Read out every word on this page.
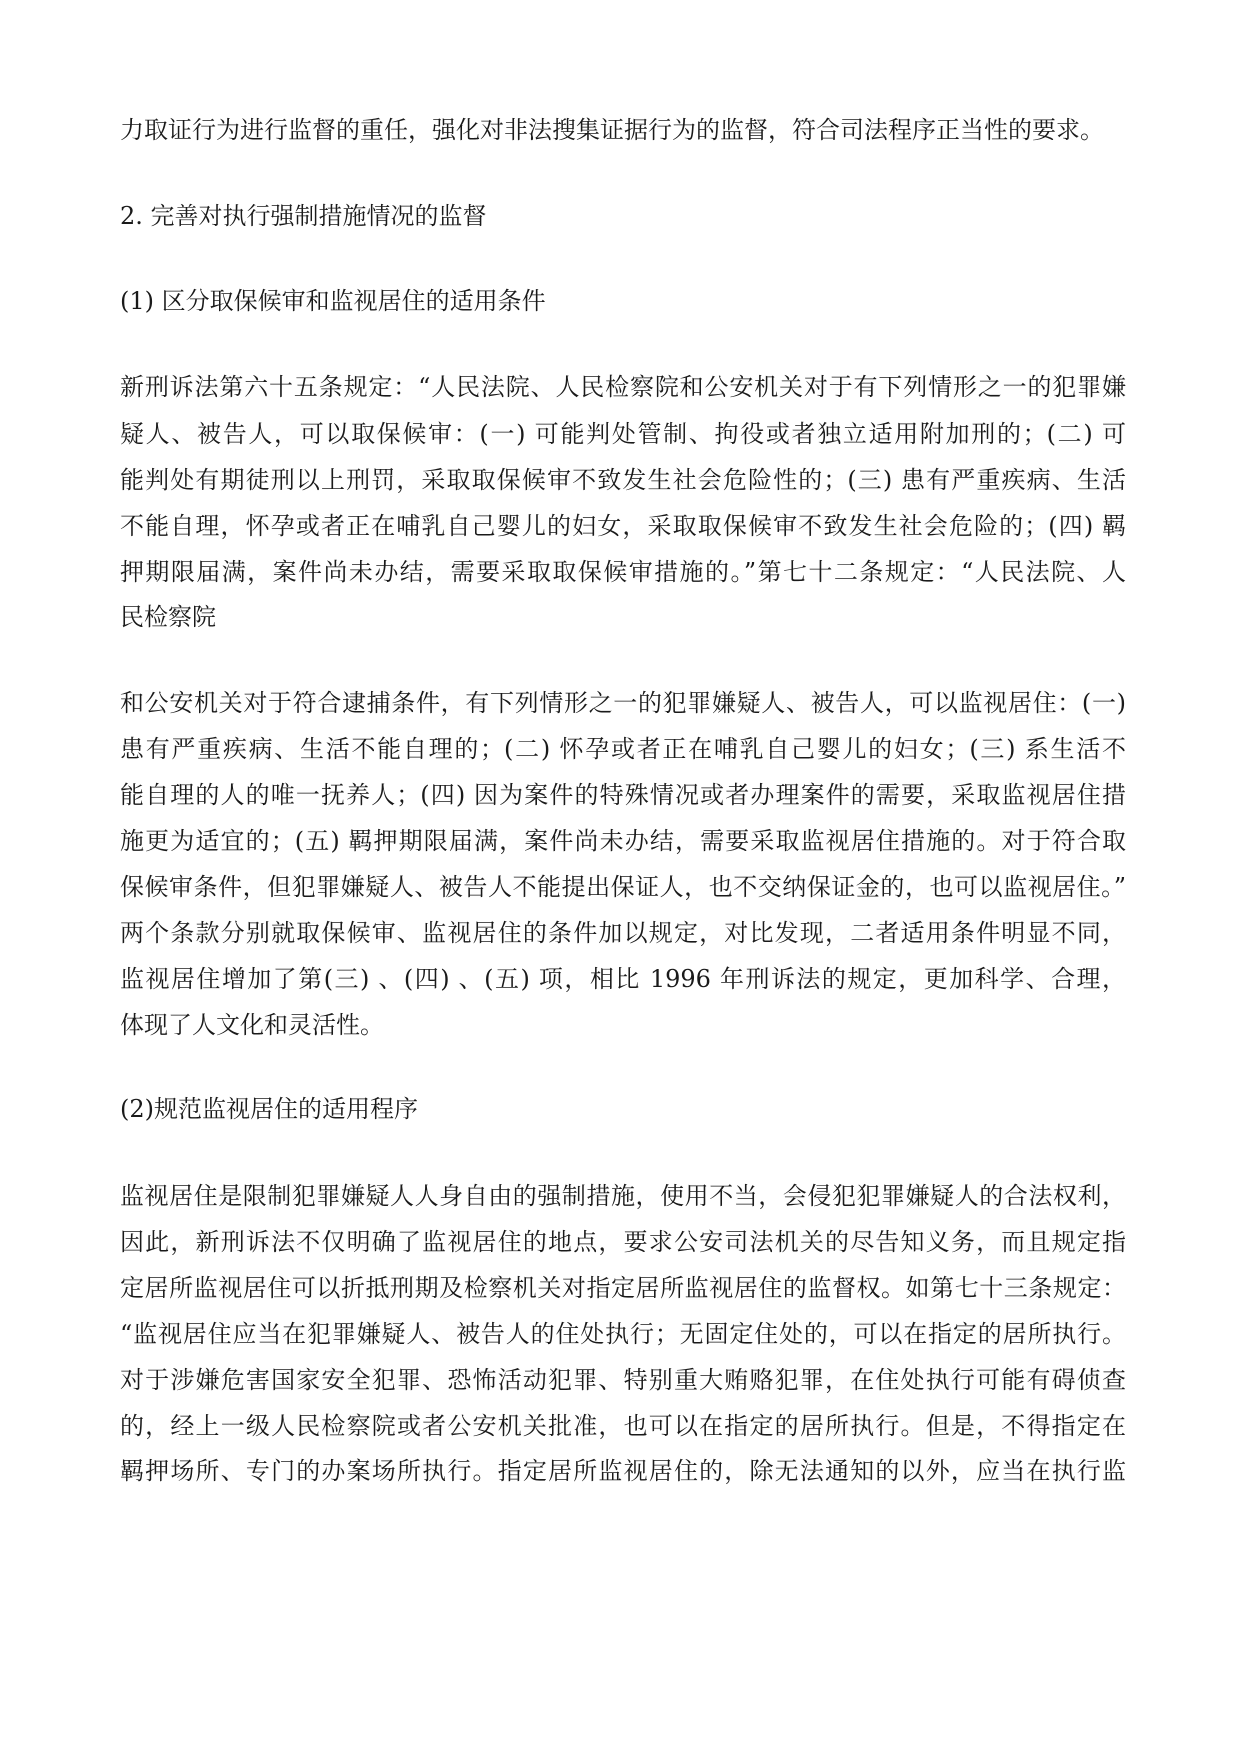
力取证行为进行监督的重任，强化对非法搜集证据行为的监督，符合司法程序正当性的要求。
2. 完善对执行强制措施情况的监督
(1) 区分取保候审和监视居住的适用条件
新刑诉法第六十五条规定：“人民法院、人民检察院和公安机关对于有下列情形之一的犯罪嫌
疑人、被告人，可以取保候审：(一) 可能判处管制、拘役或者独立适用附加刑的；(二) 可
能判处有期徒刑以上刑罚，采取取保候审不致发生社会危险性的；(三) 患有严重疾病、生活
不能自理，怀孕或者正在哺乳自己婴儿的妇女，采取取保候审不致发生社会危险的；(四) 羁
押期限届满，案件尚未办结，需要采取取保候审措施的。”第七十二条规定：“人民法院、人
民检察院
和公安机关对于符合逮捕条件，有下列情形之一的犯罪嫌疑人、被告人，可以监视居住：(一)
患有严重疾病、生活不能自理的；(二) 怀孕或者正在哺乳自己婴儿的妇女；(三) 系生活不
能自理的人的唯一抚养人；(四) 因为案件的特殊情况或者办理案件的需要，采取监视居住措
施更为适宜的；(五) 羁押期限届满，案件尚未办结，需要采取监视居住措施的。对于符合取
保候审条件，但犯罪嫌疑人、被告人不能提出保证人，也不交纳保证金的，也可以监视居住。”
两个条款分别就取保候审、监视居住的条件加以规定，对比发现，二者适用条件明显不同，
监视居住增加了第(三) 、(四) 、(五) 项，相比 1996 年刑诉法的规定，更加科学、合理，
体现了人文化和灵活性。
(2)规范监视居住的适用程序
监视居住是限制犯罪嫌疑人人身自由的强制措施，使用不当，会侵犯犯罪嫌疑人的合法权利，
因此，新刑诉法不仅明确了监视居住的地点，要求公安司法机关的尽告知义务，而且规定指
定居所监视居住可以折抵刑期及检察机关对指定居所监视居住的监督权。如第七十三条规定：
“监视居住应当在犯罪嫌疑人、被告人的住处执行；无固定住处的，可以在指定的居所执行。
对于涉嫌危害国家安全犯罪、恐怖活动犯罪、特别重大贿赂犯罪，在住处执行可能有碍侦查
的，经上一级人民检察院或者公安机关批准，也可以在指定的居所执行。但是，不得指定在
羁押场所、专门的办案场所执行。指定居所监视居住的，除无法通知的以外，应当在执行监
